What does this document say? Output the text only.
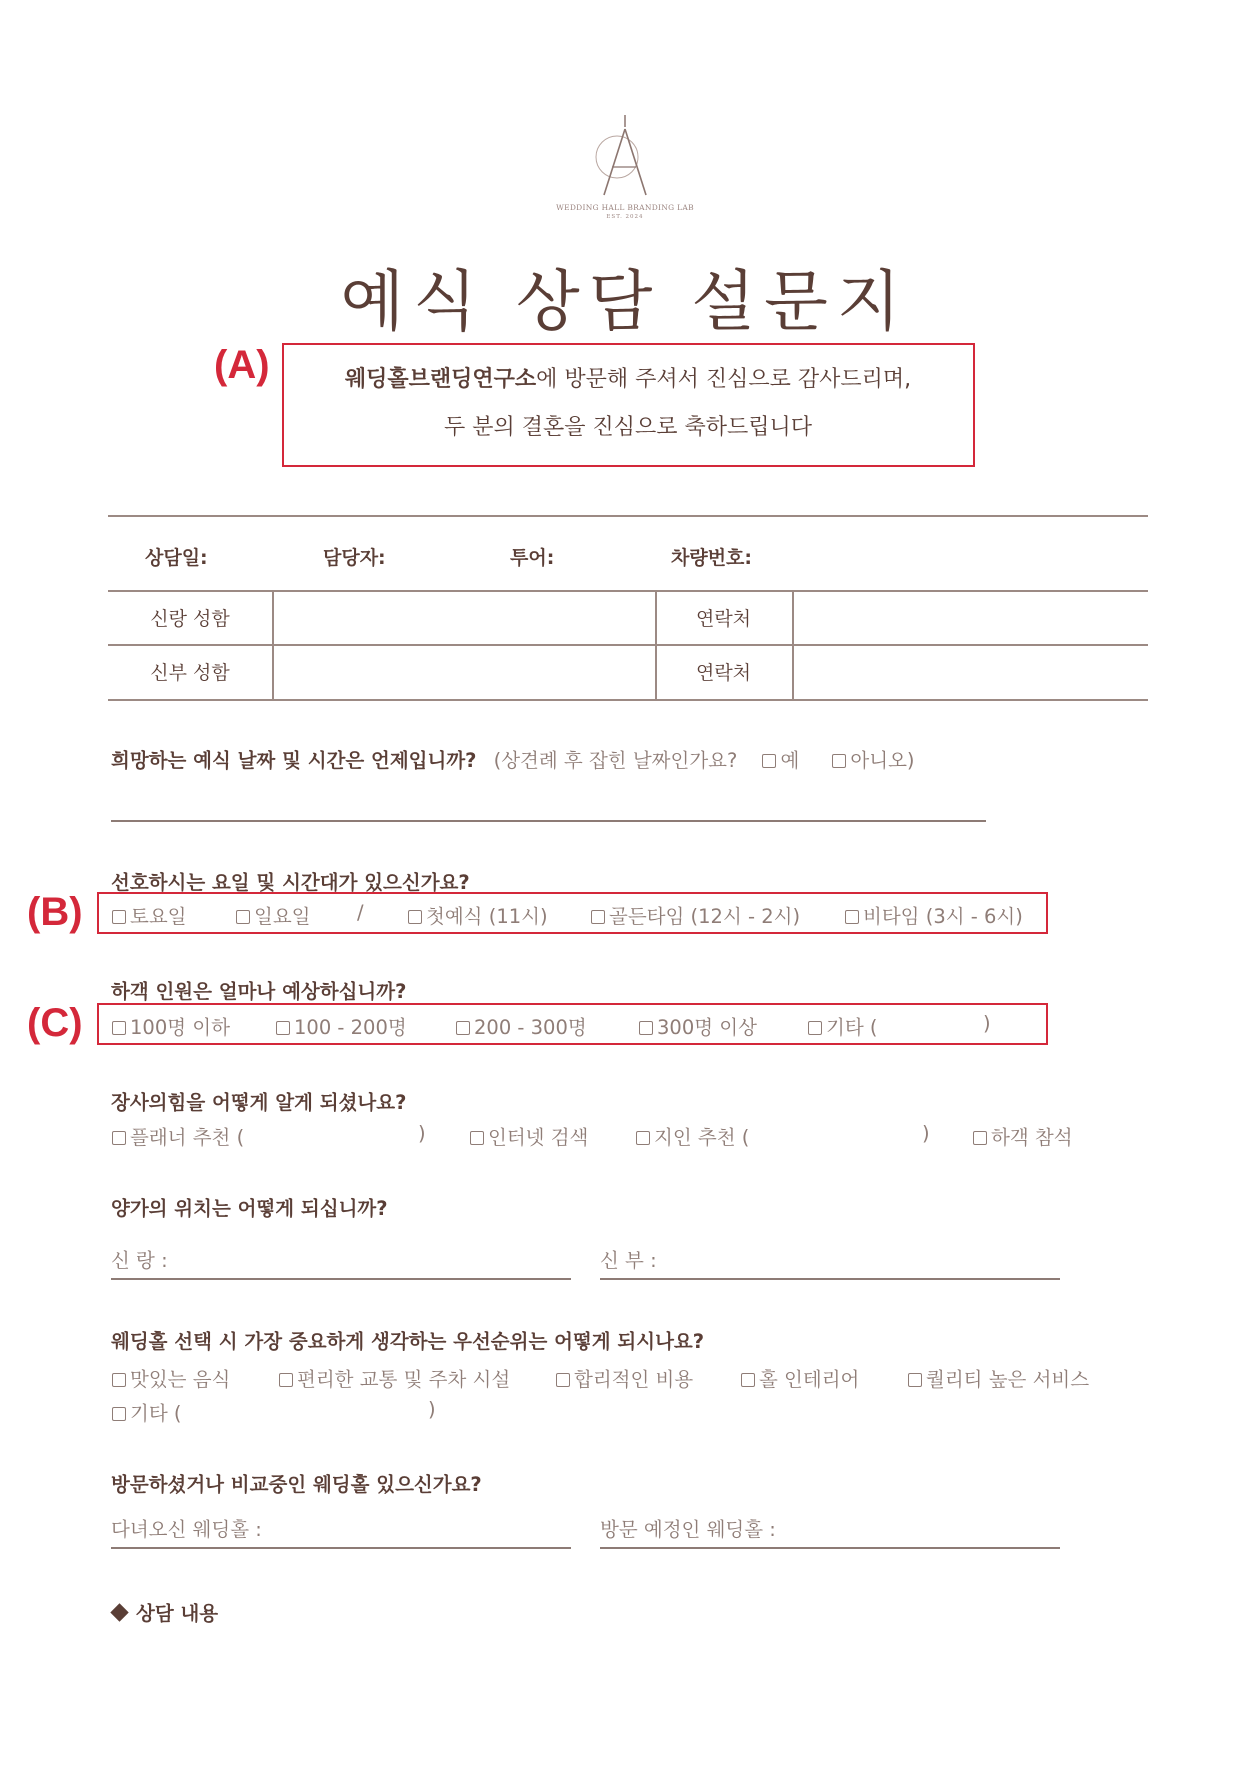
WEDDING HALL BRANDING LAB
EST. 2024
예식 상담 설문지
(A)	웨딩홀브랜딩연구소에 방문해 주셔서 진심으로 감사드리며,
두 분의 결혼을 진심으로 축하드립니다
상담일:	담당자:	투어:	차량번호:
신랑 성함	연락처
신부 성함	연락처
희망하는 예식 날짜 및 시간은 언제입니까? (상견례 후 잡힌 날짜인가요? 예	아니오)
선호하시는 요일 및 시간대가 있으신가요?
(B)	토요일	일요일 /	첫예식 (11시)	골든타임 (12시 - 2시)	비타임 (3시 - 6시)
하객 인원은 얼마나 예상하십니까?
(C)	100명 이하	100 - 200명	200 - 300명	300명 이상	기타 (	)
장사의힘을 어떻게 알게 되셨나요?
플래너 추천 (	)	인터넷 검색	지인 추천 (	)	하객 참석
양가의 위치는 어떻게 되십니까?
신 랑 :	신 부 :
웨딩홀 선택 시 가장 중요하게 생각하는 우선순위는 어떻게 되시나요?
맛있는 음식	편리한 교통 및 주차 시설	합리적인 비용	홀 인테리어	퀄리티 높은 서비스
기타 (	)
방문하셨거나 비교중인 웨딩홀 있으신가요?
다녀오신 웨딩홀 :	방문 예정인 웨딩홀 :
상담 내용
